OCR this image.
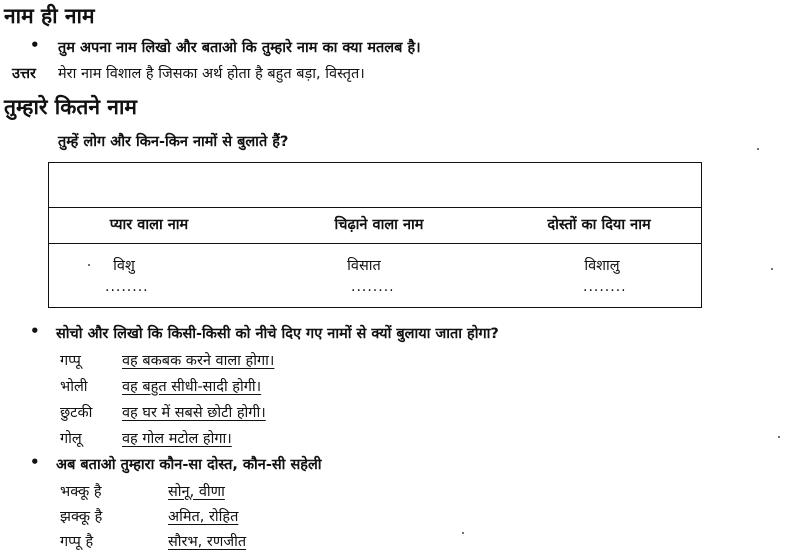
नाम ही नाम
• तुम अपना नाम लिखो और बताओ कि तुम्हारे नाम का क्या मतलब है।
उत्तर मेरा नाम विशाल है जिसका अर्थ होता है बहुत बड़ा, विस्तृत।
तुम्हारे कितने नाम
तुम्हें लोग और किन-किन नामों से बुलाते हैं?
प्यार वाला नाम	चिढ़ाने वाला नाम	दोस्तों का दिया नाम
विशु	विसात	विशालु
........	........	........
• सोचो और लिखो कि किसी-किसी को नीचे दिए गए नामों से क्यों बुलाया जाता होगा?
गप्पू	वह बकबक करने वाला होगा।
भोली वह बहुत सीधी-सादी होगी।
छुटकी वह घर में सबसे छोटी होगी।
गोलू	वह गोल मटोल होगा।
• अब बताओ तुम्हारा कौन-सा दोस्त, कौन-सी सहेली
भक्कू है	सोनू, वीणा
झक्कू है	अमित, रोहित
गप्पू है	सौरभ, रणजीत
